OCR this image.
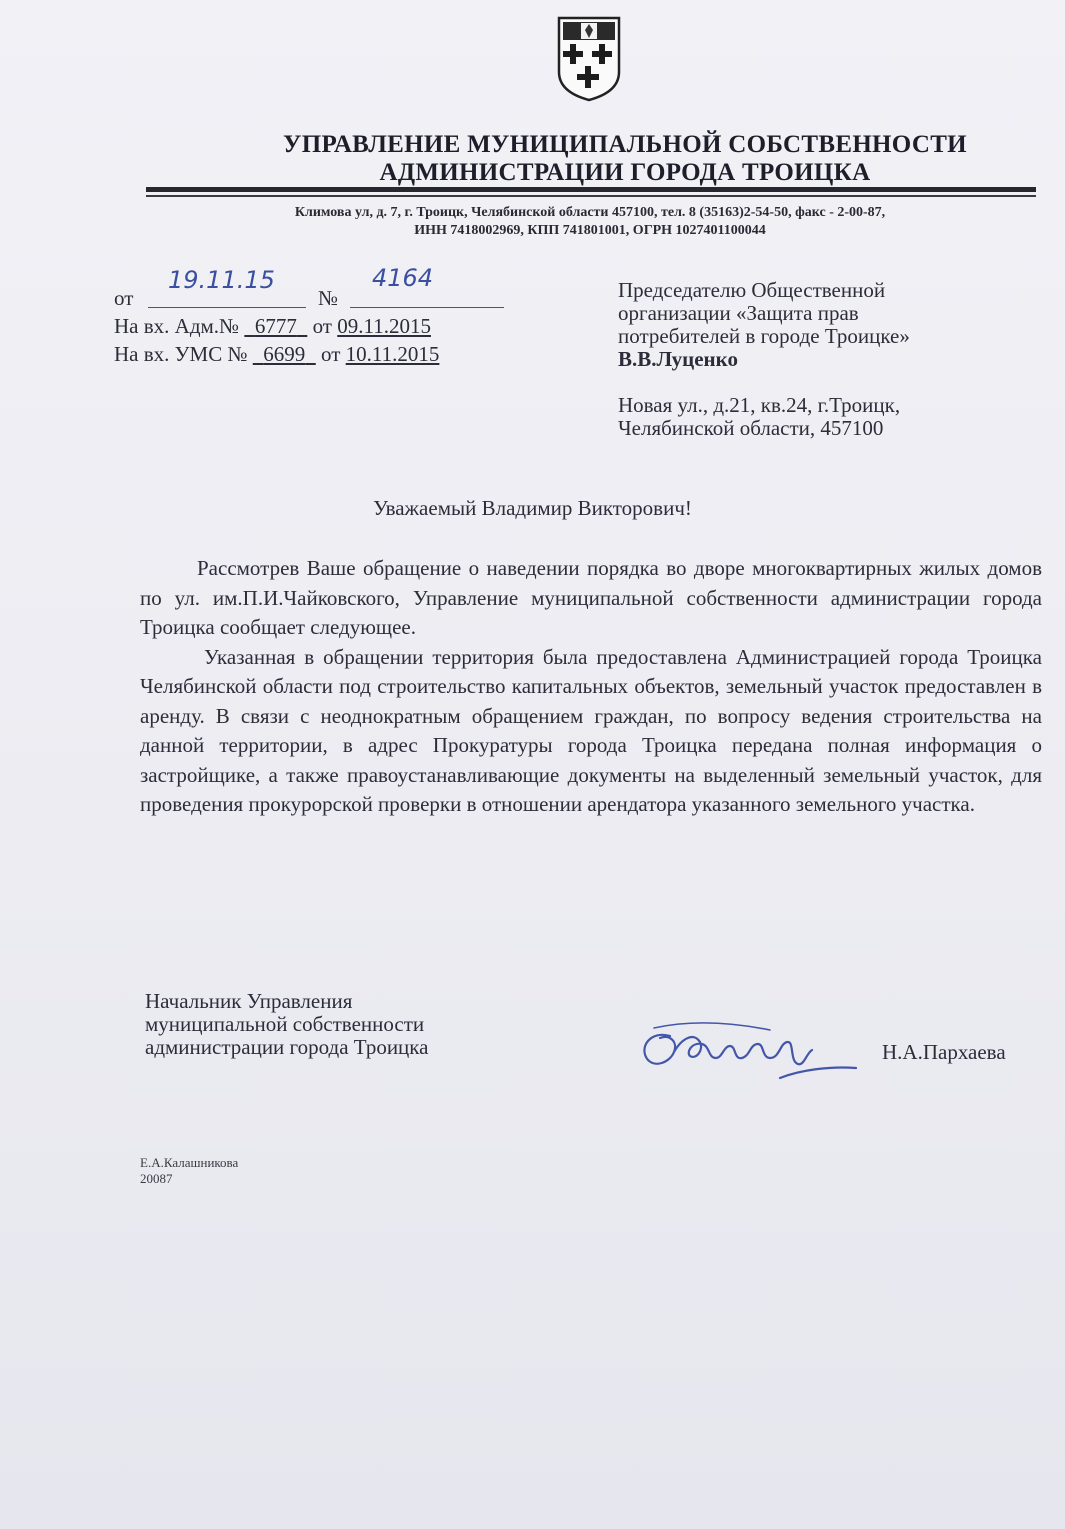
УПРАВЛЕНИЕ МУНИЦИПАЛЬНОЙ СОБСТВЕННОСТИ
АДМИНИСТРАЦИИ ГОРОДА ТРОИЦКА
Климова ул, д. 7, г. Троицк, Челябинской области 457100, тел. 8 (35163)2-54-50, факс - 2-00-87,
ИНН 7418002969, КПП 741801001, ОГРН 1027401100044
от
19.11.15
№
4164
На вх. Адм.№ 6777 от 09.11.2015
На вх. УМС № 6699 от 10.11.2015
Председателю Общественной
организации «Защита прав
потребителей в городе Троицке»
В.В.Луценко
Новая ул., д.21, кв.24, г.Троицк,
Челябинской области, 457100
Уважаемый Владимир Викторович!

Рассмотрев Ваше обращение о наведении порядка во дворе многоквартирных жилых домов по ул. им.П.И.Чайковского, Управление муниципальной собственности администрации города Троицка сообщает следующее.

Указанная в обращении территория была предоставлена Администрацией города Троицка Челябинской области под строительство капитальных объектов, земельный участок предоставлен в аренду. В связи с неоднократным обращением граждан, по вопросу ведения строительства на данной территории, в адрес Прокуратуры города Троицка передана полная информация о застройщике, а также правоустанавливающие документы на выделенный земельный участок, для проведения прокурорской проверки в отношении арендатора указанного земельного участка.

Начальник Управления
муниципальной собственности
администрации города Троицка	Н.А.Пархаева
Е.А.Калашникова
20087
